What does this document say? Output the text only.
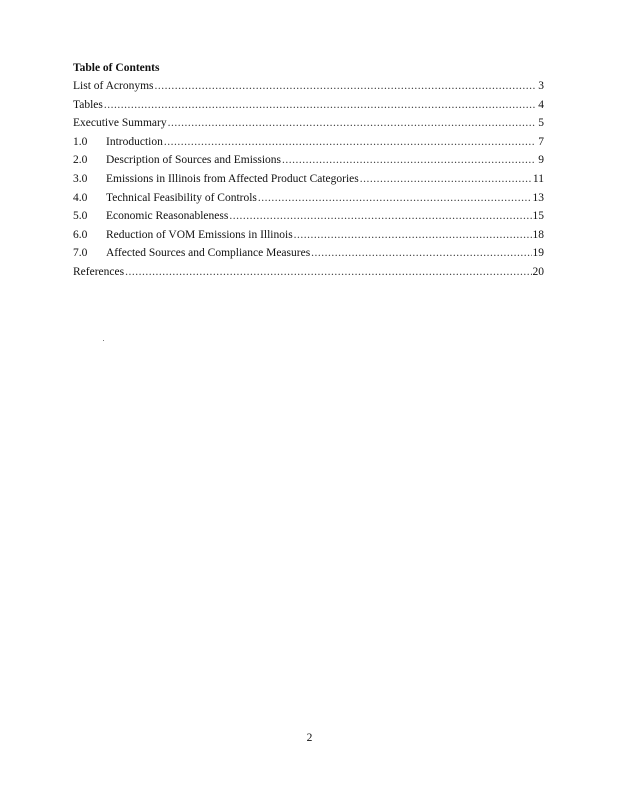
Table of Contents
List of Acronyms .....	3
Tables .....	4
Executive Summary .....	5
1.0	Introduction .....	7
2.0	Description of Sources and Emissions .....	9
3.0	Emissions in Illinois from Affected Product Categories .....	11
4.0	Technical Feasibility of Controls .....	13
5.0	Economic Reasonableness .....	15
6.0	Reduction of VOM Emissions in Illinois .....	18
7.0	Affected Sources and Compliance Measures .....	19
References .....	20
2
